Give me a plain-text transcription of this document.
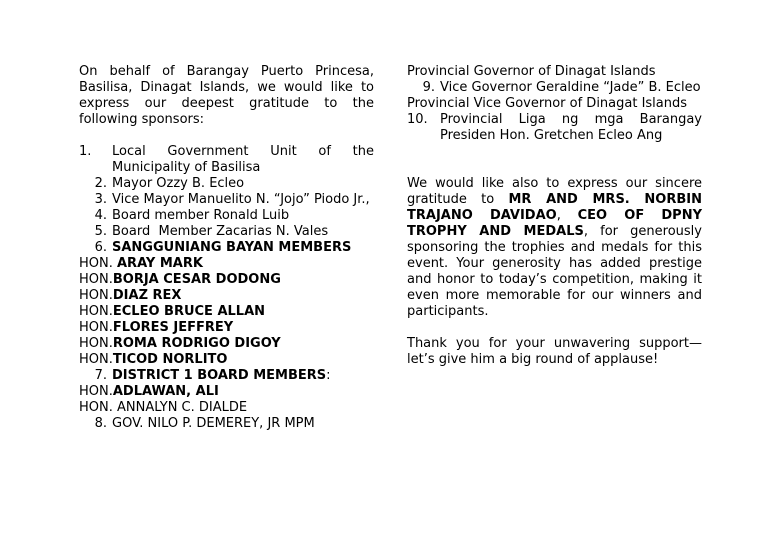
On behalf of Barangay Puerto Princesa, Basilisa, Dinagat Islands, we would like to express our deepest gratitude to the following sponsors:

1.	Local Government Unit of the
Municipality of Basilisa
2. Mayor Ozzy B. Ecleo
3. Vice Mayor Manuelito N. “Jojo” Piodo Jr.,
4. Board member Ronald Luib
5. Board  Member Zacarias N. Vales
6. SANGGUNIANG BAYAN MEMBERS
HON. ARAY MARK
HON.BORJA CESAR DODONG
HON.DIAZ REX
HON.ECLEO BRUCE ALLAN
HON.FLORES JEFFREY
HON.ROMA RODRIGO DIGOY
HON.TICOD NORLITO
7. DISTRICT 1 BOARD MEMBERS:
HON.ADLAWAN, ALI
HON. ANNALYN C. DIALDE
8. GOV. NILO P. DEMEREY, JR MPM
Provincial Governor of Dinagat Islands
9. Vice Governor Geraldine “Jade” B. Ecleo
Provincial Vice Governor of Dinagat Islands
10. Provincial Liga ng mga Barangay
Presiden Hon. Gretchen Ecleo Ang

We would like also to express our sincere gratitude to MR AND MRS. NORBIN TRAJANO DAVIDAO, CEO OF DPNY TROPHY AND MEDALS, for generously sponsoring the trophies and medals for this event. Your generosity has added prestige and honor to today’s competition, making it even more memorable for our winners and participants.

Thank you for your unwavering support—let’s give him a big round of applause!
